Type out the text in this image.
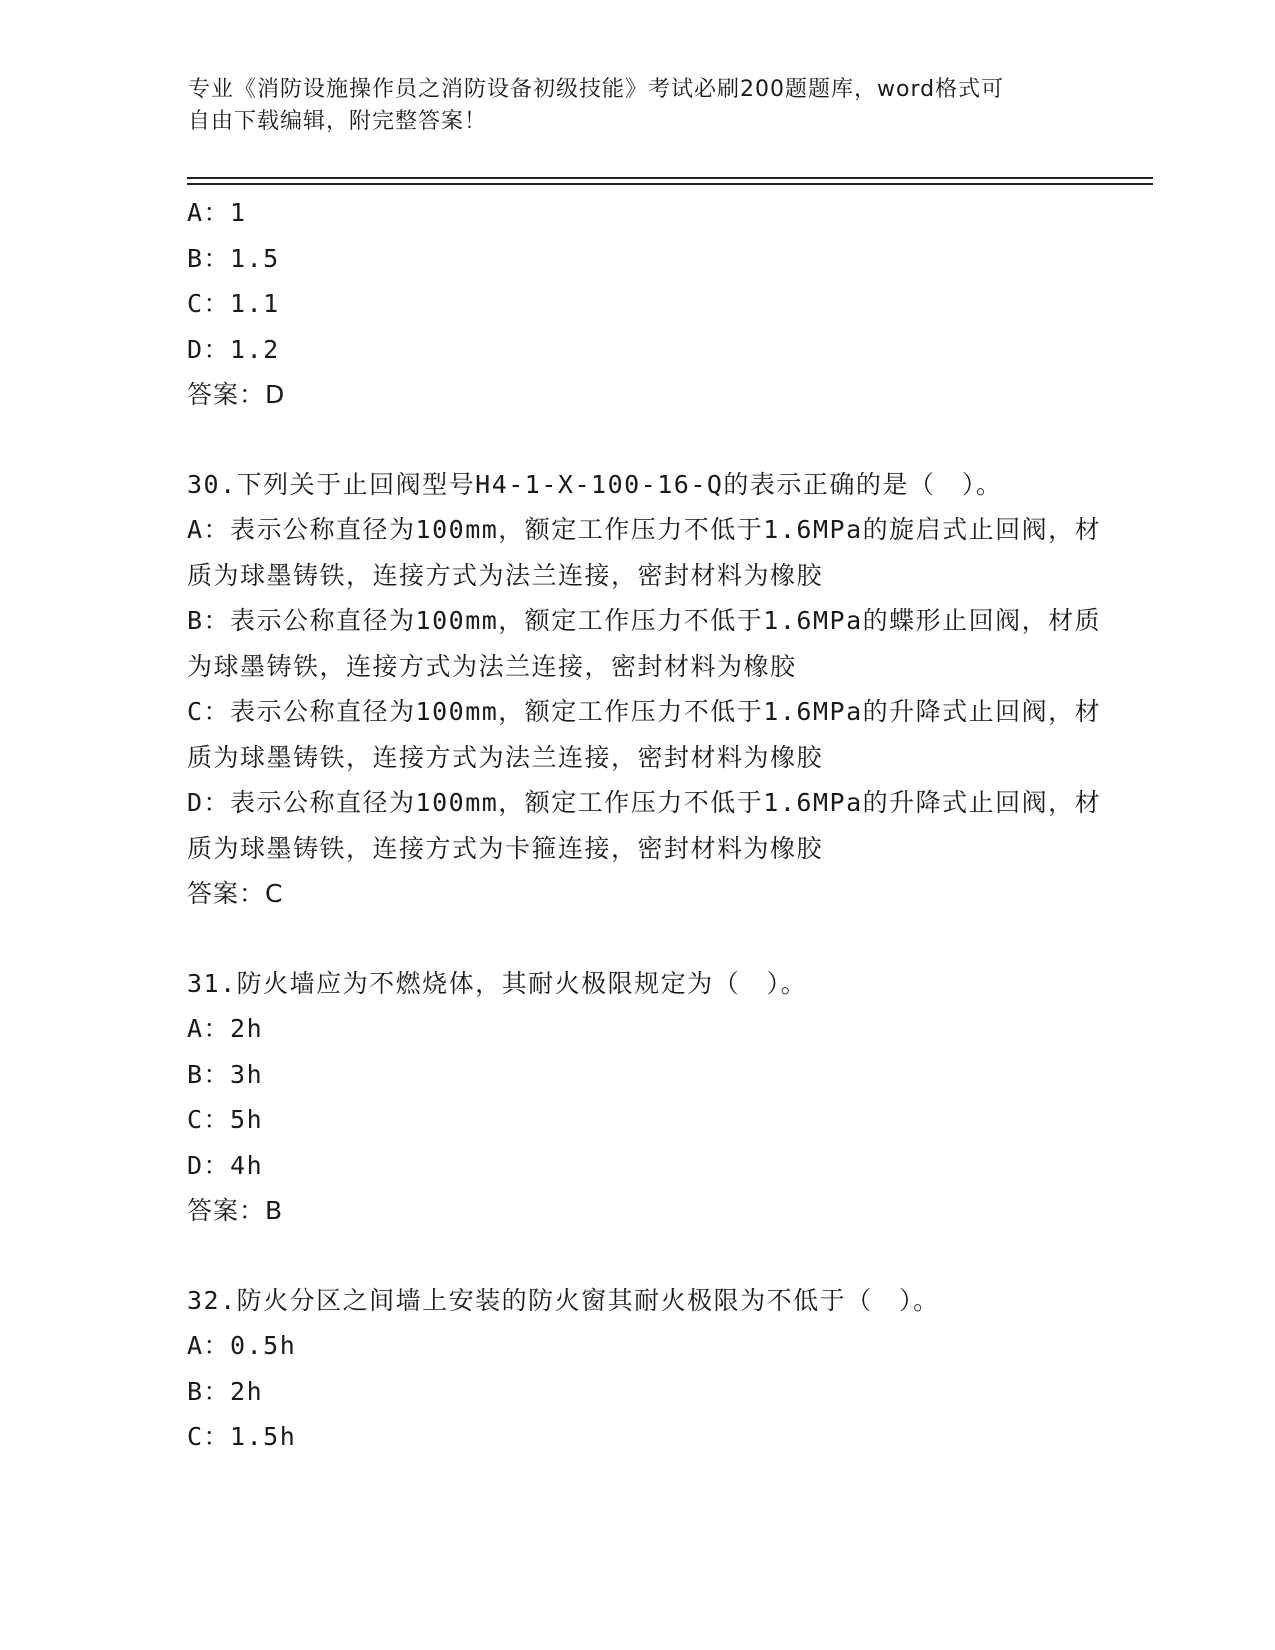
专业《消防设施操作员之消防设备初级技能》考试必刷200题题库，word格式可
自由下载编辑，附完整答案！
A：1
B：1.5
C：1.1
D：1.2
答案：D
30.下列关于止回阀型号H4-1-X-100-16-Q的表示正确的是（　）。
A：表示公称直径为100mm，额定工作压力不低于1.6MPa的旋启式止回阀，材质为球墨铸铁，连接方式为法兰连接，密封材料为橡胶
B：表示公称直径为100mm，额定工作压力不低于1.6MPa的蝶形止回阀，材质为球墨铸铁，连接方式为法兰连接，密封材料为橡胶
C：表示公称直径为100mm，额定工作压力不低于1.6MPa的升降式止回阀，材质为球墨铸铁，连接方式为法兰连接，密封材料为橡胶
D：表示公称直径为100mm，额定工作压力不低于1.6MPa的升降式止回阀，材质为球墨铸铁，连接方式为卡箍连接，密封材料为橡胶
答案：C
31.防火墙应为不燃烧体，其耐火极限规定为（　）。
A：2h
B：3h
C：5h
D：4h
答案：B
32.防火分区之间墙上安装的防火窗其耐火极限为不低于（　）。
A：0.5h
B：2h
C：1.5h
